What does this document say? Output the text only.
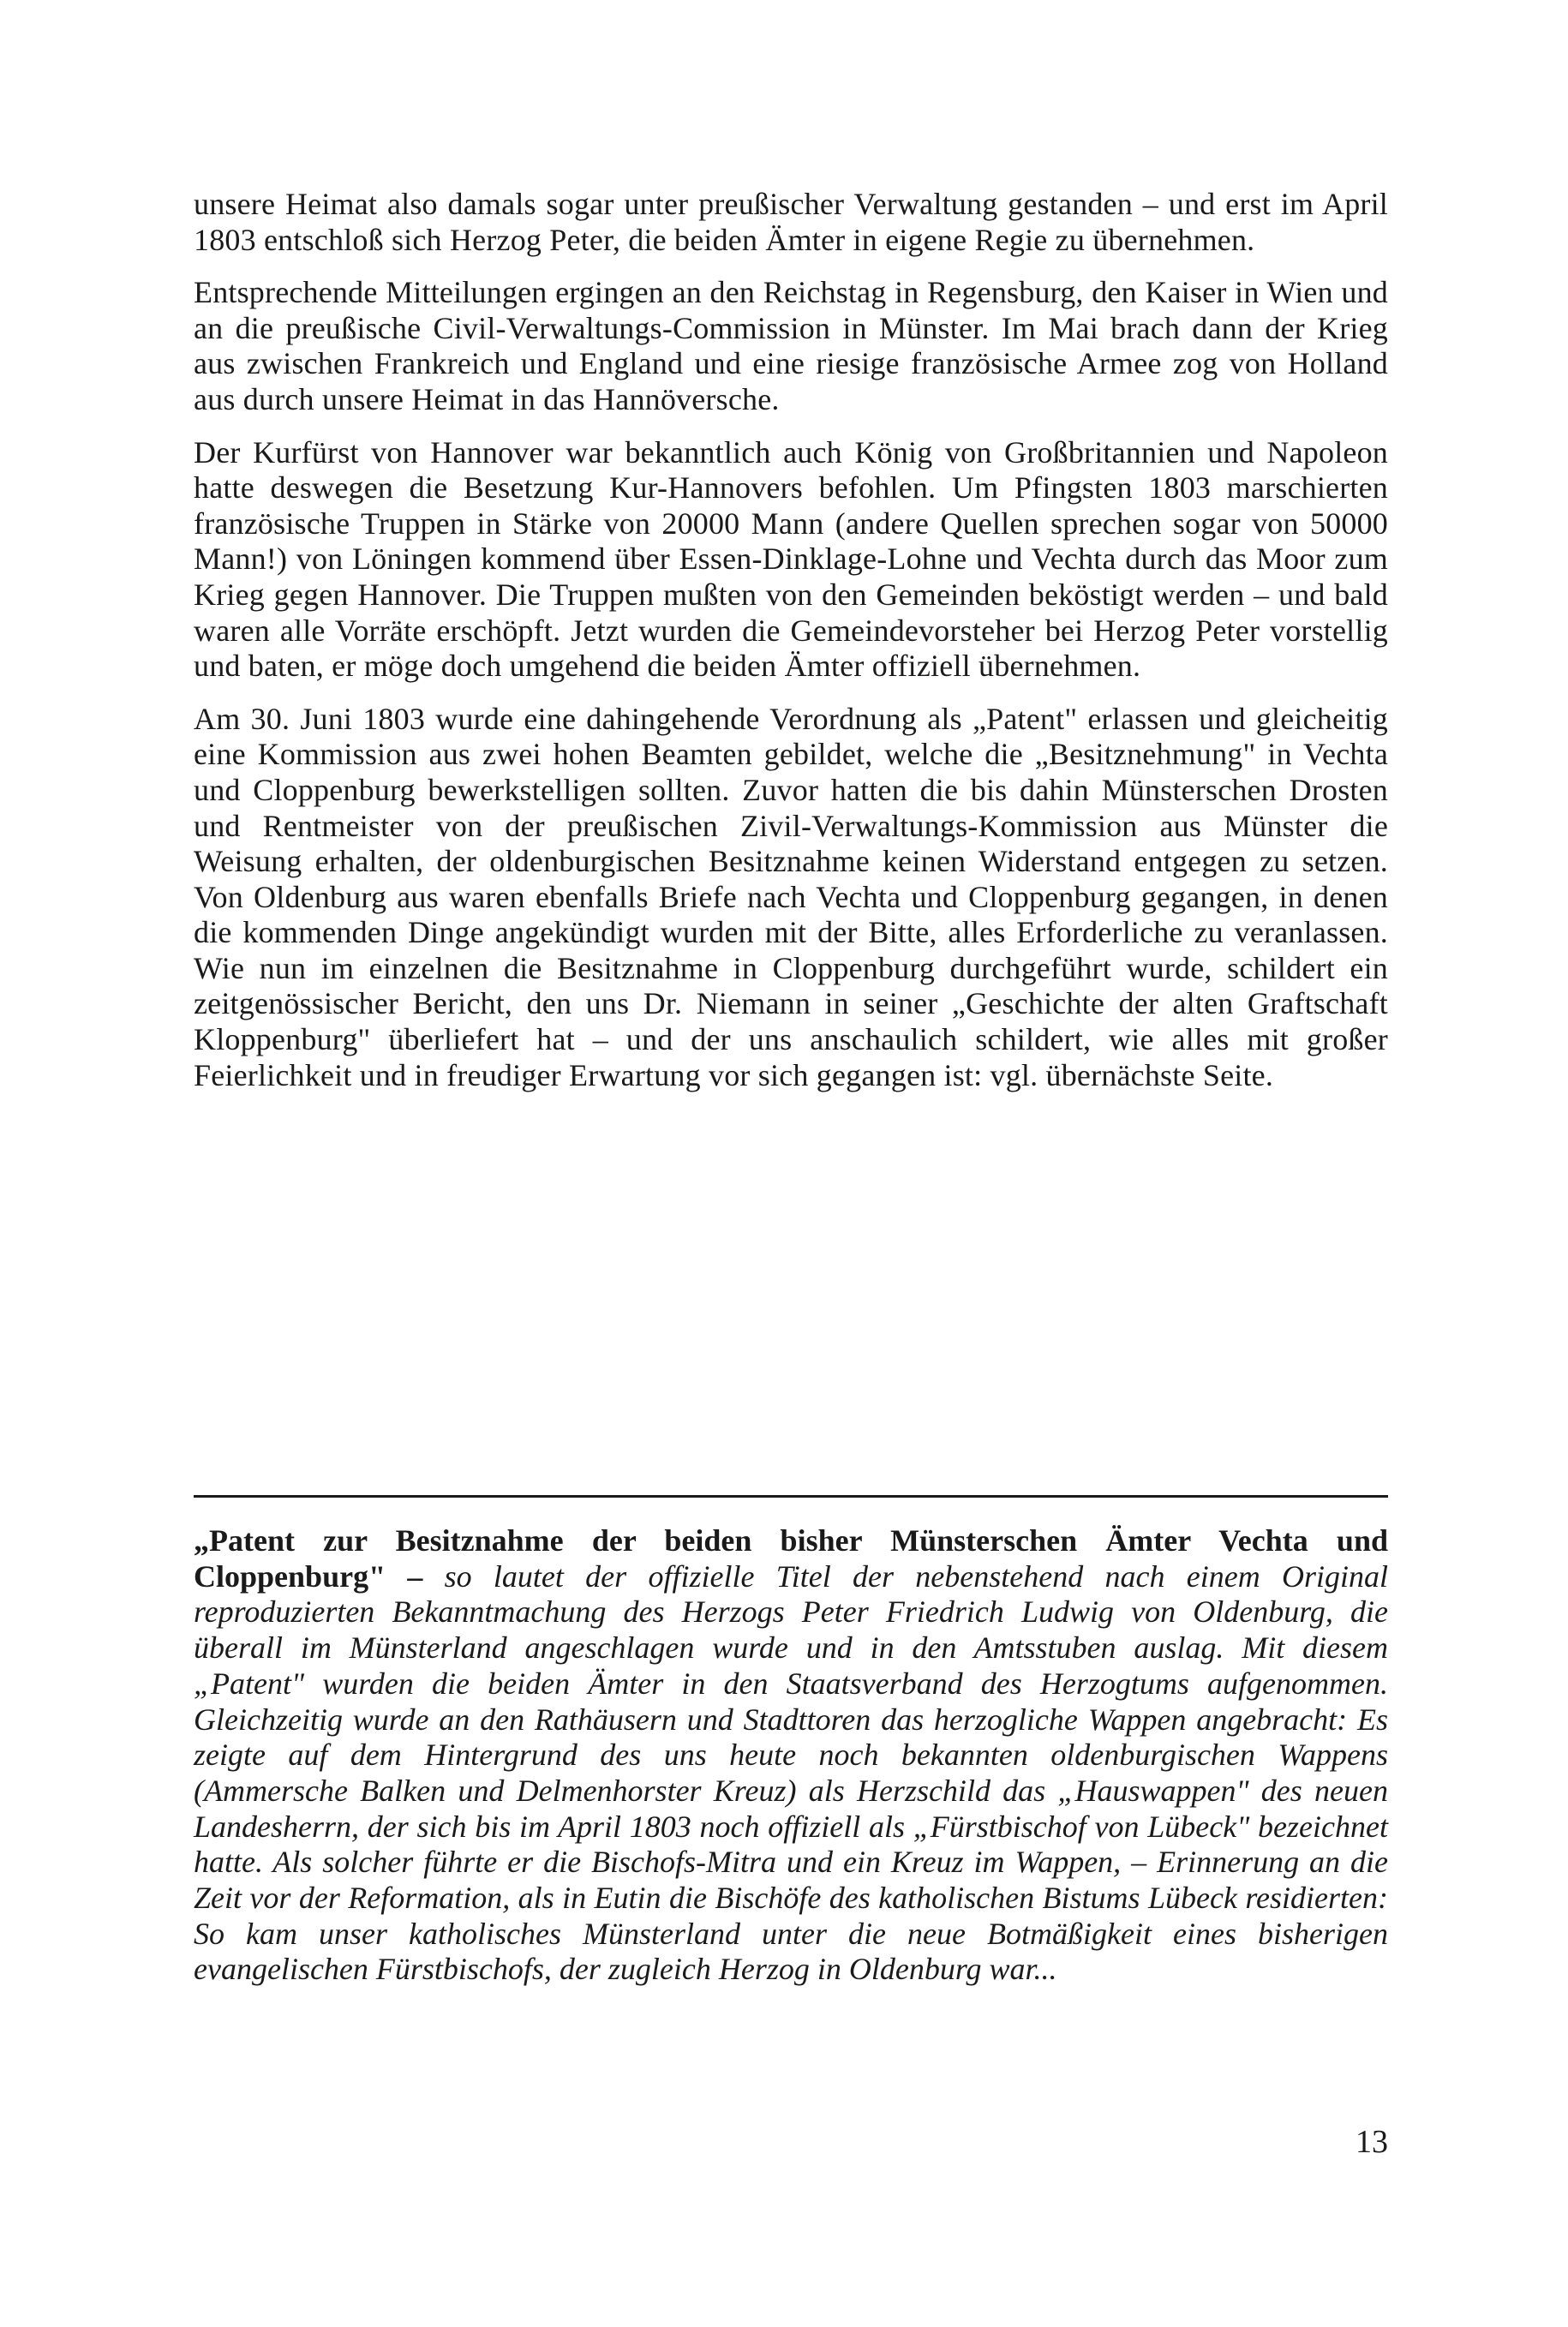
unsere Heimat also damals sogar unter preußischer Verwaltung gestanden – und erst im April 1803 entschloß sich Herzog Peter, die beiden Ämter in eigene Regie zu übernehmen.

Entsprechende Mitteilungen ergingen an den Reichstag in Regensburg, den Kaiser in Wien und an die preußische Civil-Verwaltungs-Commission in Münster. Im Mai brach dann der Krieg aus zwischen Frankreich und England und eine riesige französische Armee zog von Holland aus durch unsere Heimat in das Hannöversche.

Der Kurfürst von Hannover war bekanntlich auch König von Großbritannien und Napoleon hatte deswegen die Besetzung Kur-Hannovers befohlen. Um Pfingsten 1803 marschierten französische Truppen in Stärke von 20000 Mann (andere Quellen sprechen sogar von 50000 Mann!) von Löningen kommend über Essen-Dinklage-Lohne und Vechta durch das Moor zum Krieg gegen Hannover. Die Truppen mußten von den Gemeinden beköstigt werden – und bald waren alle Vorräte erschöpft. Jetzt wurden die Gemeindevorsteher bei Herzog Peter vorstellig und baten, er möge doch umgehend die beiden Ämter offiziell übernehmen.

Am 30. Juni 1803 wurde eine dahingehende Verordnung als „Patent" erlassen und gleicheitig eine Kommission aus zwei hohen Beamten gebildet, welche die „Besitznehmung" in Vechta und Cloppenburg bewerkstelligen sollten. Zuvor hatten die bis dahin Münsterschen Drosten und Rentmeister von der preußischen Zivil-Verwaltungs-Kommission aus Münster die Weisung erhalten, der oldenburgischen Besitznahme keinen Widerstand entgegen zu setzen. Von Oldenburg aus waren ebenfalls Briefe nach Vechta und Cloppenburg gegangen, in denen die kommenden Dinge angekündigt wurden mit der Bitte, alles Erforderliche zu veranlassen. Wie nun im einzelnen die Besitznahme in Cloppenburg durchgeführt wurde, schildert ein zeitgenössischer Bericht, den uns Dr. Niemann in seiner „Geschichte der alten Graftschaft Kloppenburg" überliefert hat – und der uns anschaulich schildert, wie alles mit großer Feierlichkeit und in freudiger Erwartung vor sich gegangen ist: vgl. übernächste Seite.

„Patent zur Besitznahme der beiden bisher Münsterschen Ämter Vechta und Cloppenburg" – so lautet der offizielle Titel der nebenstehend nach einem Original reproduzierten Bekanntmachung des Herzogs Peter Friedrich Ludwig von Oldenburg, die überall im Münsterland angeschlagen wurde und in den Amtsstuben auslag. Mit diesem „Patent" wurden die beiden Ämter in den Staatsverband des Herzogtums aufgenommen. Gleichzeitig wurde an den Rathäusern und Stadttoren das herzogliche Wappen angebracht: Es zeigte auf dem Hintergrund des uns heute noch bekannten oldenburgischen Wappens (Ammersche Balken und Delmenhorster Kreuz) als Herzschild das „Hauswappen" des neuen Landesherrn, der sich bis im April 1803 noch offiziell als „Fürstbischof von Lübeck" bezeichnet hatte. Als solcher führte er die Bischofs-Mitra und ein Kreuz im Wappen, – Erinnerung an die Zeit vor der Reformation, als in Eutin die Bischöfe des katholischen Bistums Lübeck residierten: So kam unser katholisches Münsterland unter die neue Botmäßigkeit eines bisherigen evangelischen Fürstbischofs, der zugleich Herzog in Oldenburg war...
13
